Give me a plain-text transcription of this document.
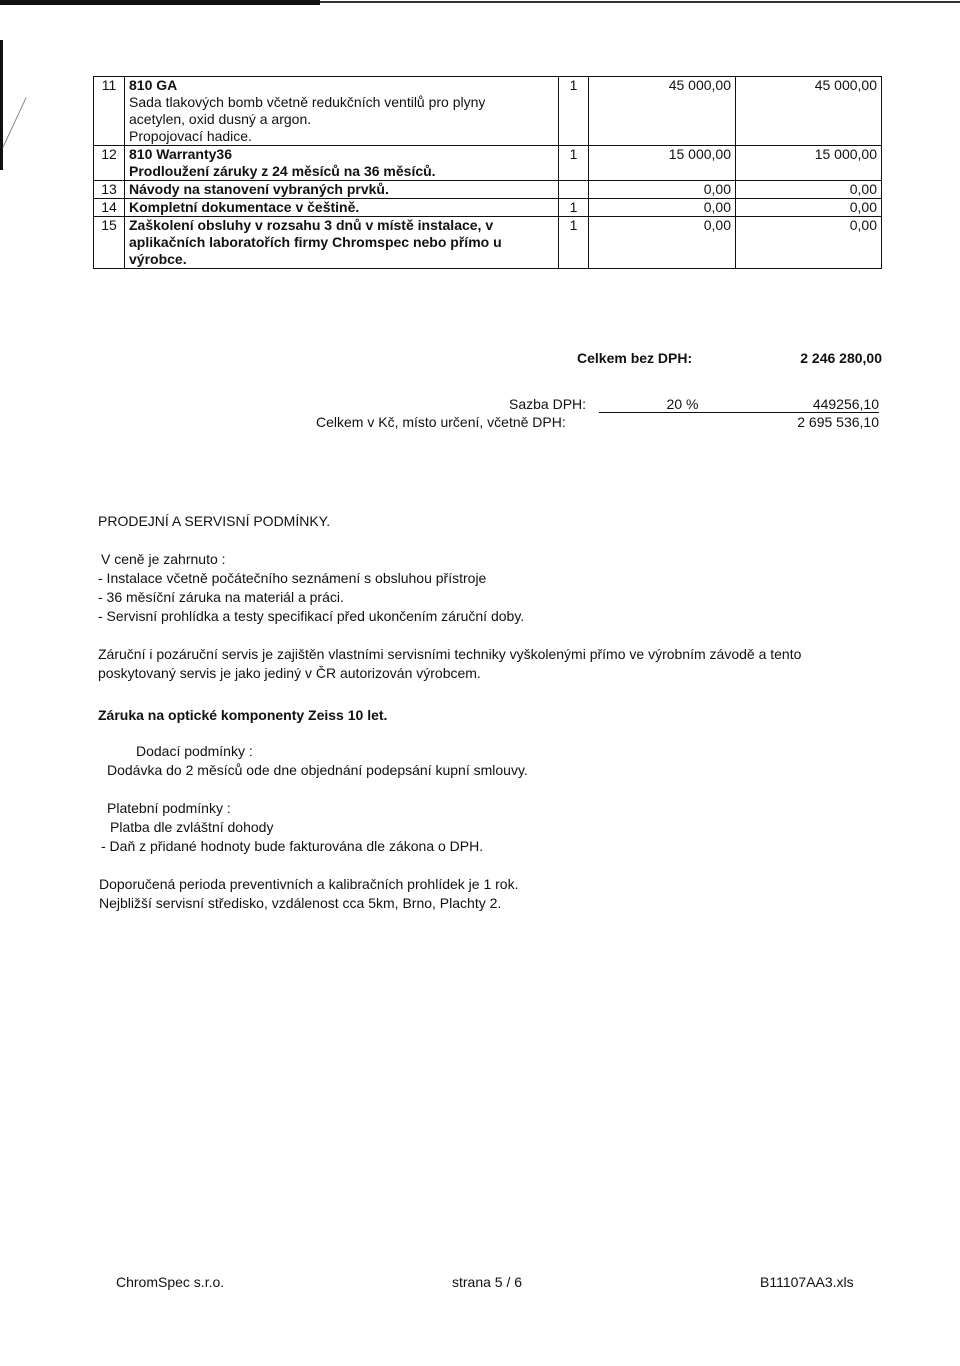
11	810 GA
Sada tlakových bomb včetně redukčních ventilů pro plyny
acetylen, oxid dusný a argon.
Propojovací hadice.	1	45 000,00	45 000,00
12	810 Warranty36
Prodloužení záruky z 24 měsíců na 36 měsíců.	1	15 000,00	15 000,00
13	Návody na stanovení vybraných prvků.		0,00	0,00
14	Kompletní dokumentace v češtině.	1	0,00	0,00
15	Zaškolení obsluhy v rozsahu 3 dnů v místě instalace, v
aplikačních laboratořích firmy Chromspec nebo přímo u
výrobce.	1	0,00	0,00
Celkem bez DPH:	2 246 280,00
Sazba DPH:	20 %	449256,10
Celkem v Kč, místo určení, včetně DPH:	2 695 536,10
PRODEJNÍ A SERVISNÍ PODMÍNKY.
V ceně je zahrnuto :
- Instalace včetně počátečního seznámení s obsluhou přístroje
- 36 měsíční záruka na materiál a práci.
- Servisní prohlídka a testy specifikací před ukončením záruční doby.
Záruční i pozáruční servis je zajištěn vlastními servisními techniky vyškolenými přímo ve výrobním závodě a tento
poskytovaný servis je jako jediný v ČR autorizován výrobcem.
Záruka na optické komponenty Zeiss 10 let.
Dodací podmínky :
Dodávka do 2 měsíců ode dne objednání podepsání kupní smlouvy.
Platební podmínky :
Platba dle zvláštní dohody
- Daň z přidané hodnoty bude fakturována dle zákona o DPH.
Doporučená perioda preventivních a kalibračních prohlídek je 1 rok.
Nejbližší servisní středisko, vzdálenost cca 5km, Brno, Plachty 2.
ChromSpec s.r.o.	strana 5 / 6	B11107AA3.xls
